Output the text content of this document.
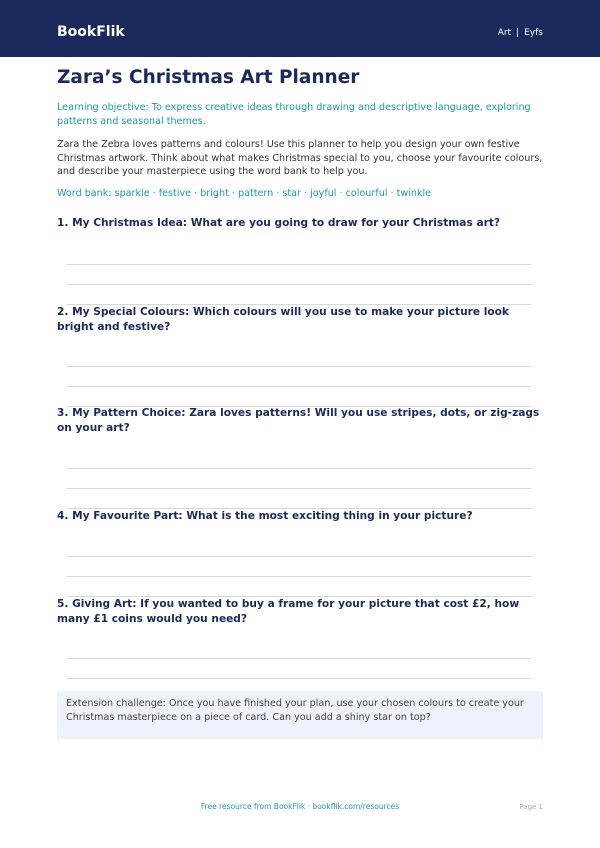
BookFlik	Art | Eyfs
Zara’s Christmas Art Planner
Learning objective: To express creative ideas through drawing and descriptive language, exploring patterns and seasonal themes.
Zara the Zebra loves patterns and colours! Use this planner to help you design your own festive Christmas artwork. Think about what makes Christmas special to you, choose your favourite colours, and describe your masterpiece using the word bank to help you.
Word bank: sparkle · festive · bright · pattern · star · joyful · colourful · twinkle
1. My Christmas Idea: What are you going to draw for your Christmas art?
2. My Special Colours: Which colours will you use to make your picture look bright and festive?
3. My Pattern Choice: Zara loves patterns! Will you use stripes, dots, or zig-zags on your art?
4. My Favourite Part: What is the most exciting thing in your picture?
5. Giving Art: If you wanted to buy a frame for your picture that cost £2, how many £1 coins would you need?
Extension challenge: Once you have finished your plan, use your chosen colours to create your Christmas masterpiece on a piece of card. Can you add a shiny star on top?
Free resource from BookFlik · bookflik.com/resources	Page 1
